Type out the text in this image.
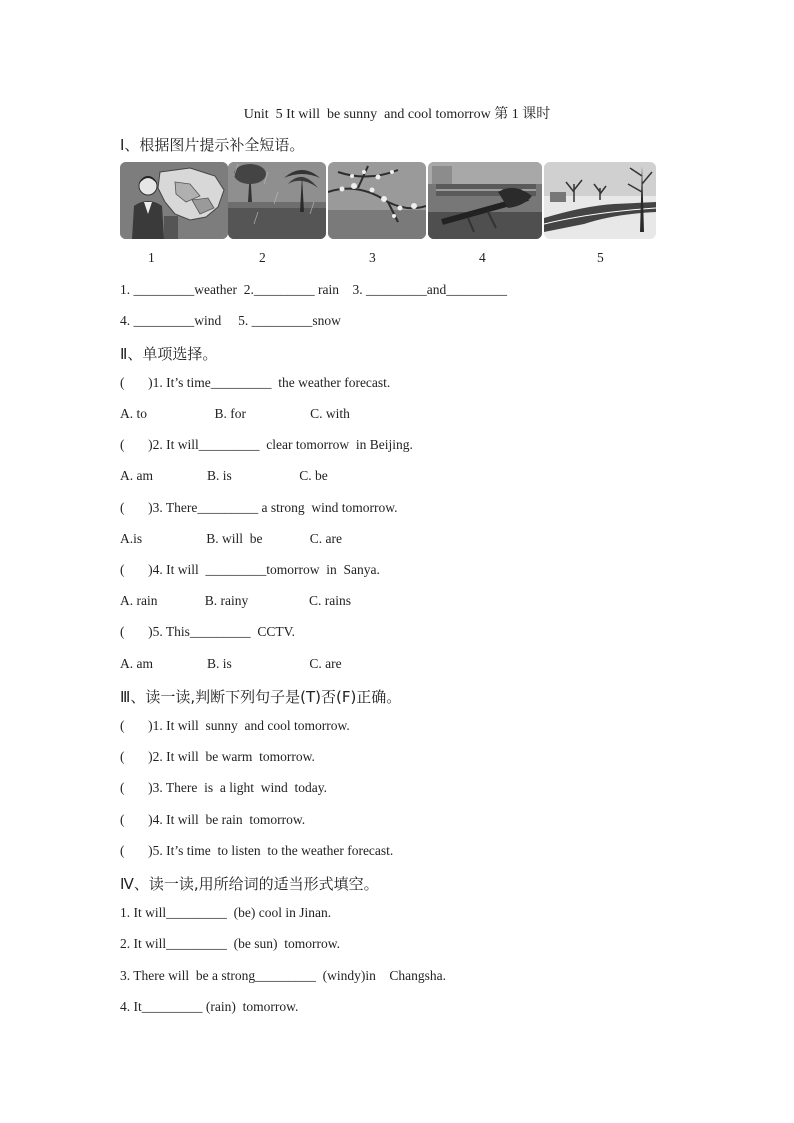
Unit  5 It will  be sunny  and cool tomorrow 第 1 课时
Ⅰ、根据图片提示补全短语。
1	2	3	4	5
1. _________weather  2._________ rain    3. _________and_________
4. _________wind     5. _________snow
Ⅱ、单项选择。
(       )1. It’s time_________  the weather forecast.
A. to                    B. for                   C. with
(       )2. It will_________  clear tomorrow  in Beijing.
A. am                B. is                    C. be
(       )3. There_________ a strong  wind tomorrow.
A.is                   B. will  be              C. are
(       )4. It will  _________tomorrow  in  Sanya.
A. rain              B. rainy                  C. rains
(       )5. This_________  CCTV.
A. am                B. is                       C. are
Ⅲ、读一读,判断下列句子是(T)否(F)正确。
(       )1. It will  sunny  and cool tomorrow.
(       )2. It will  be warm  tomorrow.
(       )3. There  is  a light  wind  today.
(       )4. It will  be rain  tomorrow.
(       )5. It’s time  to listen  to the weather forecast.
Ⅳ、读一读,用所给词的适当形式填空。
1. It will_________  (be) cool in Jinan.
2. It will_________  (be sun)  tomorrow.
3. There will  be a strong_________  (windy)in    Changsha.
4. It_________ (rain)  tomorrow.
